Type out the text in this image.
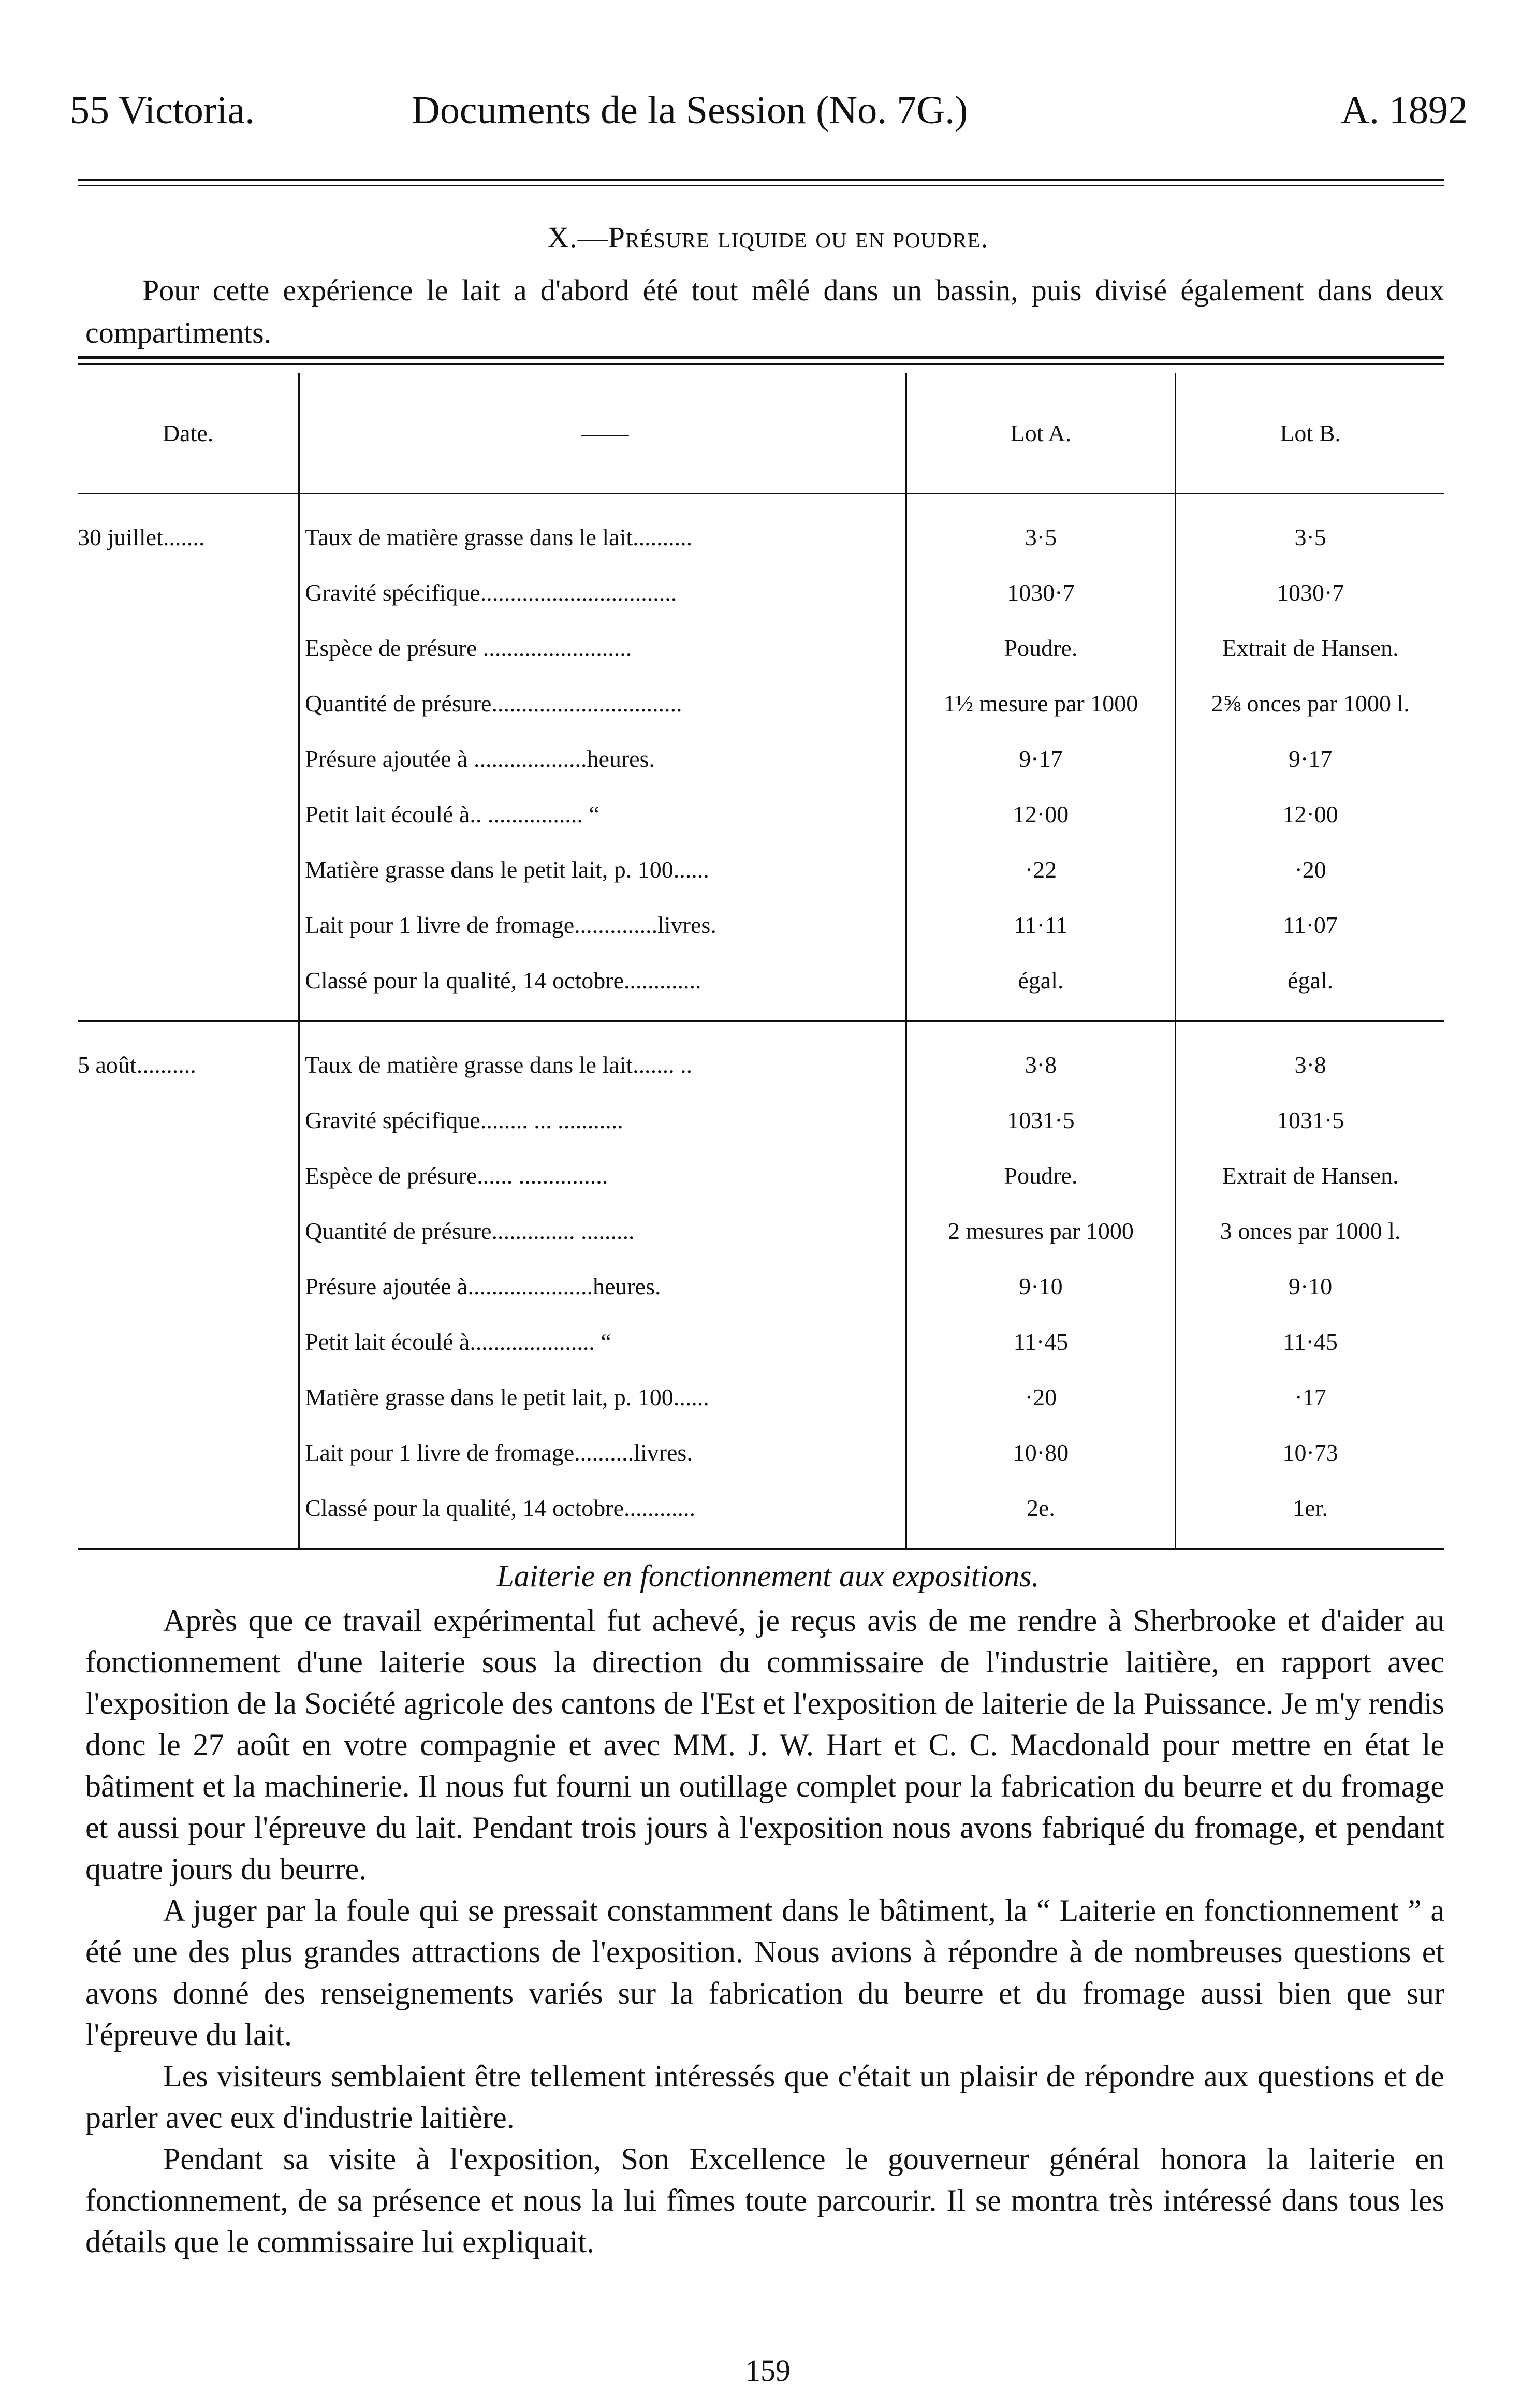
55 Victoria.	Documents de la Session (No. 7G.)	A. 1892
X.—Présure liquide ou en poudre.
Pour cette expérience le lait a d'abord été tout mêlé dans un bassin, puis divisé également dans deux compartiments.
Date.	——	Lot A.	Lot B.
30 juillet.......	Taux de matière grasse dans le lait..........	3·5	3·5
	Gravité spécifique.................................	1030·7	1030·7
	Espèce de présure .........................	Poudre.	Extrait de Hansen.
	Quantité de présure................................	1½ mesure par 1000	2⅝ onces par 1000 l.
	Présure ajoutée à ...................heures.	9·17	9·17
	Petit lait écoulé à.. ................ “	12·00	12·00
	Matière grasse dans le petit lait, p. 100......	·22	·20
	Lait pour 1 livre de fromage..............livres.	11·11	11·07
	Classé pour la qualité, 14 octobre.............	égal.	égal.
5 août..........	Taux de matière grasse dans le lait....... ..	3·8	3·8
	Gravité spécifique........ ... ...........	1031·5	1031·5
	Espèce de présure...... ...............	Poudre.	Extrait de Hansen.
	Quantité de présure.............. .........	2 mesures par 1000	3 onces par 1000 l.
	Présure ajoutée à.....................heures.	9·10	9·10
	Petit lait écoulé à..................... “	11·45	11·45
	Matière grasse dans le petit lait, p. 100......	·20	·17
	Lait pour 1 livre de fromage..........livres.	10·80	10·73
	Classé pour la qualité, 14 octobre............	2e.	1er.
Laiterie en fonctionnement aux expositions.

Après que ce travail expérimental fut achevé, je reçus avis de me rendre à Sherbrooke et d'aider au fonctionnement d'une laiterie sous la direction du commissaire de l'industrie laitière, en rapport avec l'exposition de la Société agricole des cantons de l'Est et l'exposition de laiterie de la Puissance. Je m'y rendis donc le 27 août en votre compagnie et avec MM. J. W. Hart et C. C. Macdonald pour mettre en état le bâtiment et la machinerie. Il nous fut fourni un outillage complet pour la fabrication du beurre et du fromage et aussi pour l'épreuve du lait. Pendant trois jours à l'exposition nous avons fabriqué du fromage, et pendant quatre jours du beurre.

A juger par la foule qui se pressait constamment dans le bâtiment, la “ Laiterie en fonctionnement ” a été une des plus grandes attractions de l'exposition. Nous avions à répondre à de nombreuses questions et avons donné des renseignements variés sur la fabrication du beurre et du fromage aussi bien que sur l'épreuve du lait.

Les visiteurs semblaient être tellement intéressés que c'était un plaisir de répondre aux questions et de parler avec eux d'industrie laitière.

Pendant sa visite à l'exposition, Son Excellence le gouverneur général honora la laiterie en fonctionnement, de sa présence et nous la lui fîmes toute parcourir. Il se montra très intéressé dans tous les détails que le commissaire lui expliquait.

159
